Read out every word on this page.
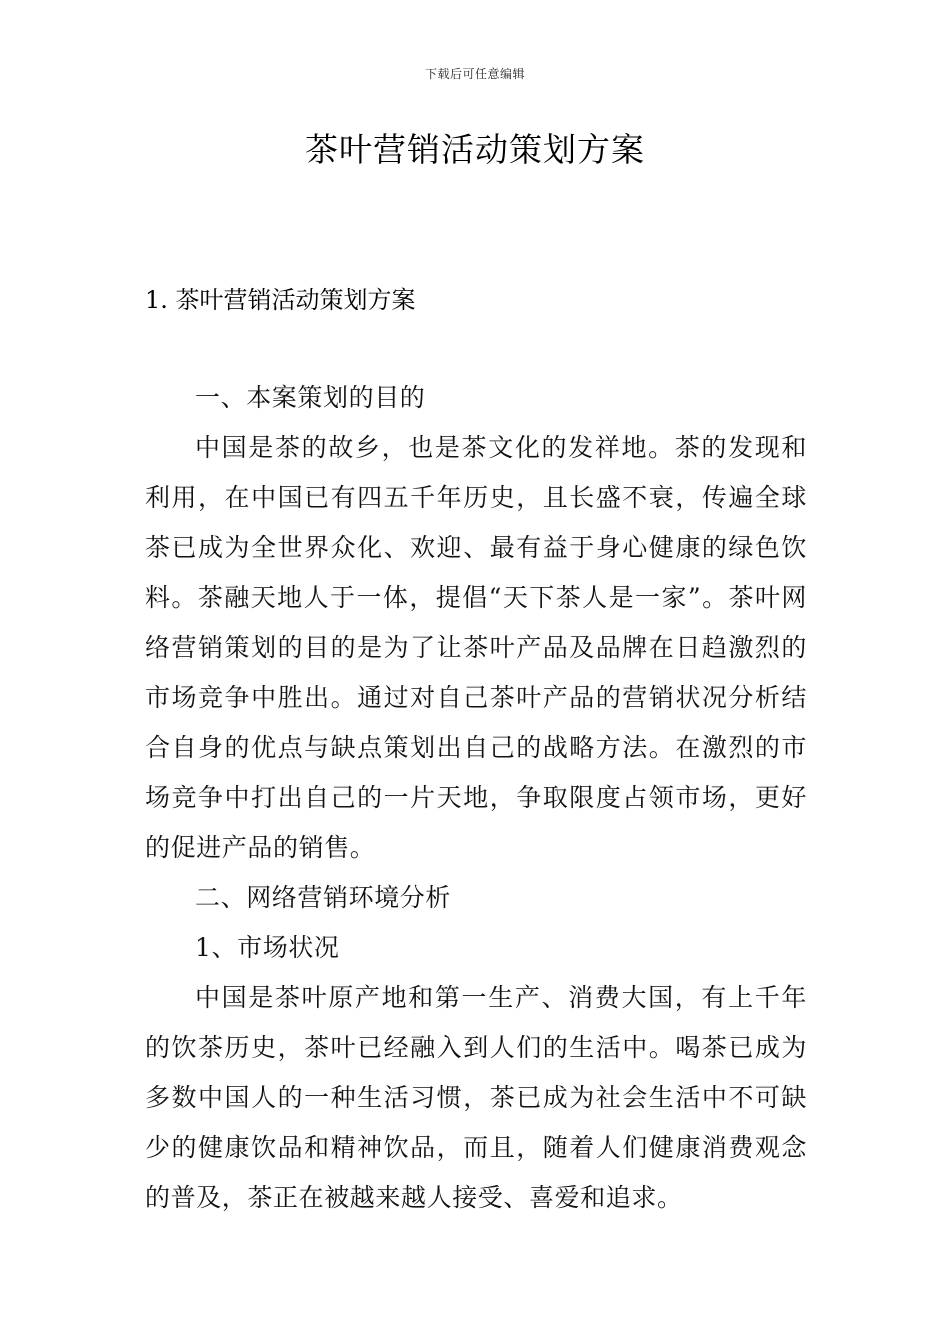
下载后可任意编辑
茶叶营销活动策划方案
1. 茶叶营销活动策划方案

一、本案策划的目的

中国是茶的故乡，也是茶文化的发祥地。茶的发现和利用，在中国已有四五千年历史，且长盛不衰，传遍全球茶已成为全世界众化、欢迎、最有益于身心健康的绿色饮料。茶融天地人于一体，提倡“天下茶人是一家”。茶叶网络营销策划的目的是为了让茶叶产品及品牌在日趋激烈的市场竞争中胜出。通过对自己茶叶产品的营销状况分析结合自身的优点与缺点策划出自己的战略方法。在激烈的市场竞争中打出自己的一片天地，争取限度占领市场，更好的促进产品的销售。

二、网络营销环境分析

1、市场状况

中国是茶叶原产地和第一生产、消费大国，有上千年的饮茶历史，茶叶已经融入到人们的生活中。喝茶已成为多数中国人的一种生活习惯，茶已成为社会生活中不可缺少的健康饮品和精神饮品，而且，随着人们健康消费观念的普及，茶正在被越来越人接受、喜爱和追求。
